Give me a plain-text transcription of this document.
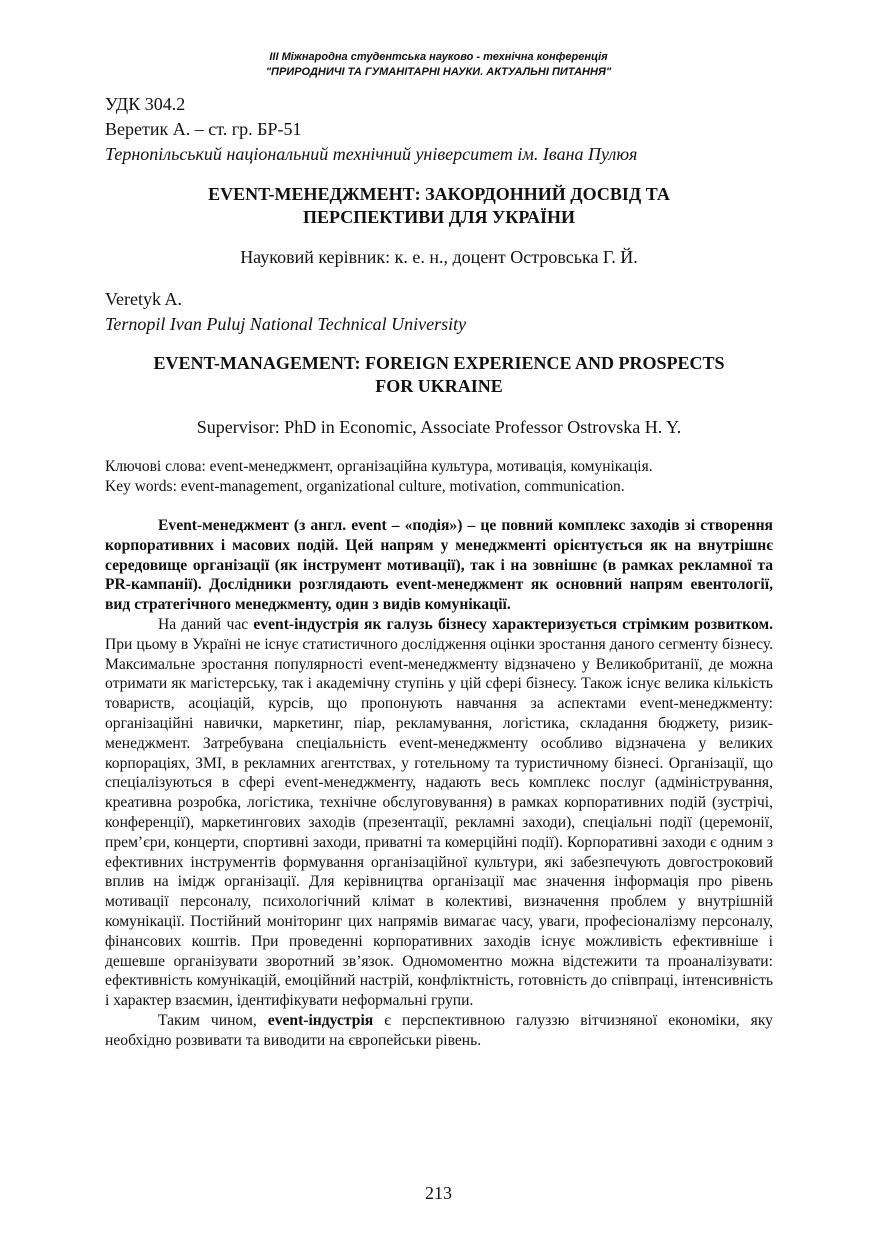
III Міжнародна студентська науково - технічна конференція
"ПРИРОДНИЧІ ТА ГУМАНІТАРНІ НАУКИ. АКТУАЛЬНІ ПИТАННЯ"
УДК 304.2
Веретик А. – ст. гр. БР-51
Тернопільський національний технічний університет ім. Івана Пулюя
EVENT-МЕНЕДЖМЕНТ: ЗАКОРДОННИЙ ДОСВІД ТА
ПЕРСПЕКТИВИ ДЛЯ УКРАЇНИ
Науковий керівник: к. е. н., доцент Островська Г. Й.
Veretyk A.
Ternopil Ivan Puluj National Technical University
EVENT-MANAGEMENT: FOREIGN EXPERIENCE AND PROSPECTS
FOR UKRAINE
Supervisor: PhD in Economic, Associate Professor Ostrovska H. Y.
Ключові слова: event-менеджмент, організаційна культура, мотивація, комунікація.
Key words: event-management, organizational culture, motivation, communication.

Event-менеджмент (з англ. event – «подія») – це повний комплекс заходів зі створення корпоративних і масових подій. Цей напрям у менеджменті орієнтується як на внутрішнє середовище організації (як інструмент мотивації), так і на зовнішнє (в рамках рекламної та PR-кампанії). Дослідники розглядають event-менеджмент як основний напрям евентології, вид стратегічного менеджменту, один з видів комунікації.

На даний час event-індустрія як галузь бізнесу характеризується стрімким розвитком. При цьому в Україні не існує статистичного дослідження оцінки зростання даного сегменту бізнесу. Максимальне зростання популярності event-менеджменту відзначено у Великобританії, де можна отримати як магістерську, так і академічну ступінь у цій сфері бізнесу. Також існує велика кількість товариств, асоціацій, курсів, що пропонують навчання за аспектами event-менеджменту: організаційні навички, маркетинг, піар, рекламування, логістика, складання бюджету, ризик-менеджмент. Затребувана спеціальність event-менеджменту особливо відзначена у великих корпораціях, ЗМІ, в рекламних агентствах, у готельному та туристичному бізнесі. Організації, що спеціалізуються в сфері event-менеджменту, надають весь комплекс послуг (адміністрування, креативна розробка, логістика, технічне обслуговування) в рамках корпоративних подій (зустрічі, конференції), маркетингових заходів (презентації, рекламні заходи), спеціальні події (церемонії, прем’єри, концерти, спортивні заходи, приватні та комерційні події). Корпоративні заходи є одним з ефективних інструментів формування організаційної культури, які забезпечують довгостроковий вплив на імідж організації. Для керівництва організації має значення інформація про рівень мотивації персоналу, психологічний клімат в колективі, визначення проблем у внутрішній комунікації. Постійний моніторинг цих напрямів вимагає часу, уваги, професіоналізму персоналу, фінансових коштів. При проведенні корпоративних заходів існує можливість ефективніше і дешевше організувати зворотний зв’язок. Одномоментно можна відстежити та проаналізувати: ефективність комунікацій, емоційний настрій, конфліктність, готовність до співпраці, інтенсивність і характер взаємин, ідентифікувати неформальні групи.

Таким чином, event-індустрія є перспективною галуззю вітчизняної економіки, яку необхідно розвивати та виводити на європейськи рівень.

213
